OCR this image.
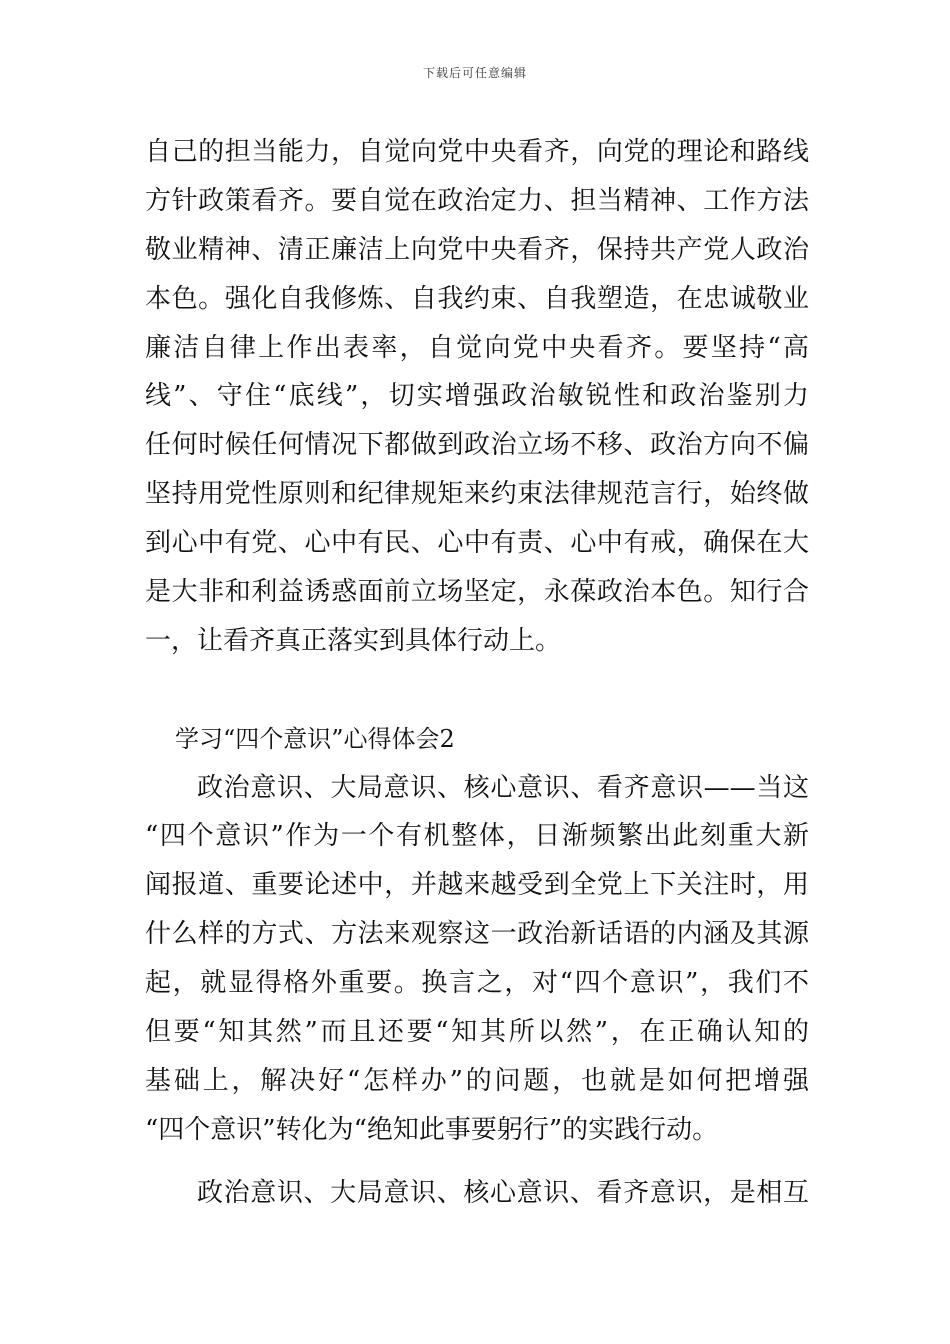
下载后可任意编辑
自己的担当能力，自觉向党中央看齐，向党的理论和路线
方针政策看齐。要自觉在政治定力、担当精神、工作方法
敬业精神、清正廉洁上向党中央看齐，保持共产党人政治
本色。强化自我修炼、自我约束、自我塑造，在忠诚敬业
廉洁自律上作出表率，自觉向党中央看齐。要坚持“高
线”、守住“底线”，切实增强政治敏锐性和政治鉴别力
任何时候任何情况下都做到政治立场不移、政治方向不偏
坚持用党性原则和纪律规矩来约束法律规范言行，始终做
到心中有党、心中有民、心中有责、心中有戒，确保在大
是大非和利益诱惑面前立场坚定，永葆政治本色。知行合
一，让看齐真正落实到具体行动上。
学习“四个意识”心得体会2
政治意识、大局意识、核心意识、看齐意识——当这
“四个意识”作为一个有机整体，日渐频繁出此刻重大新
闻报道、重要论述中，并越来越受到全党上下关注时，用
什么样的方式、方法来观察这一政治新话语的内涵及其源
起，就显得格外重要。换言之，对“四个意识”，我们不
但要“知其然”而且还要“知其所以然”，在正确认知的
基础上，解决好“怎样办”的问题，也就是如何把增强
“四个意识”转化为“绝知此事要躬行”的实践行动。
政治意识、大局意识、核心意识、看齐意识，是相互
